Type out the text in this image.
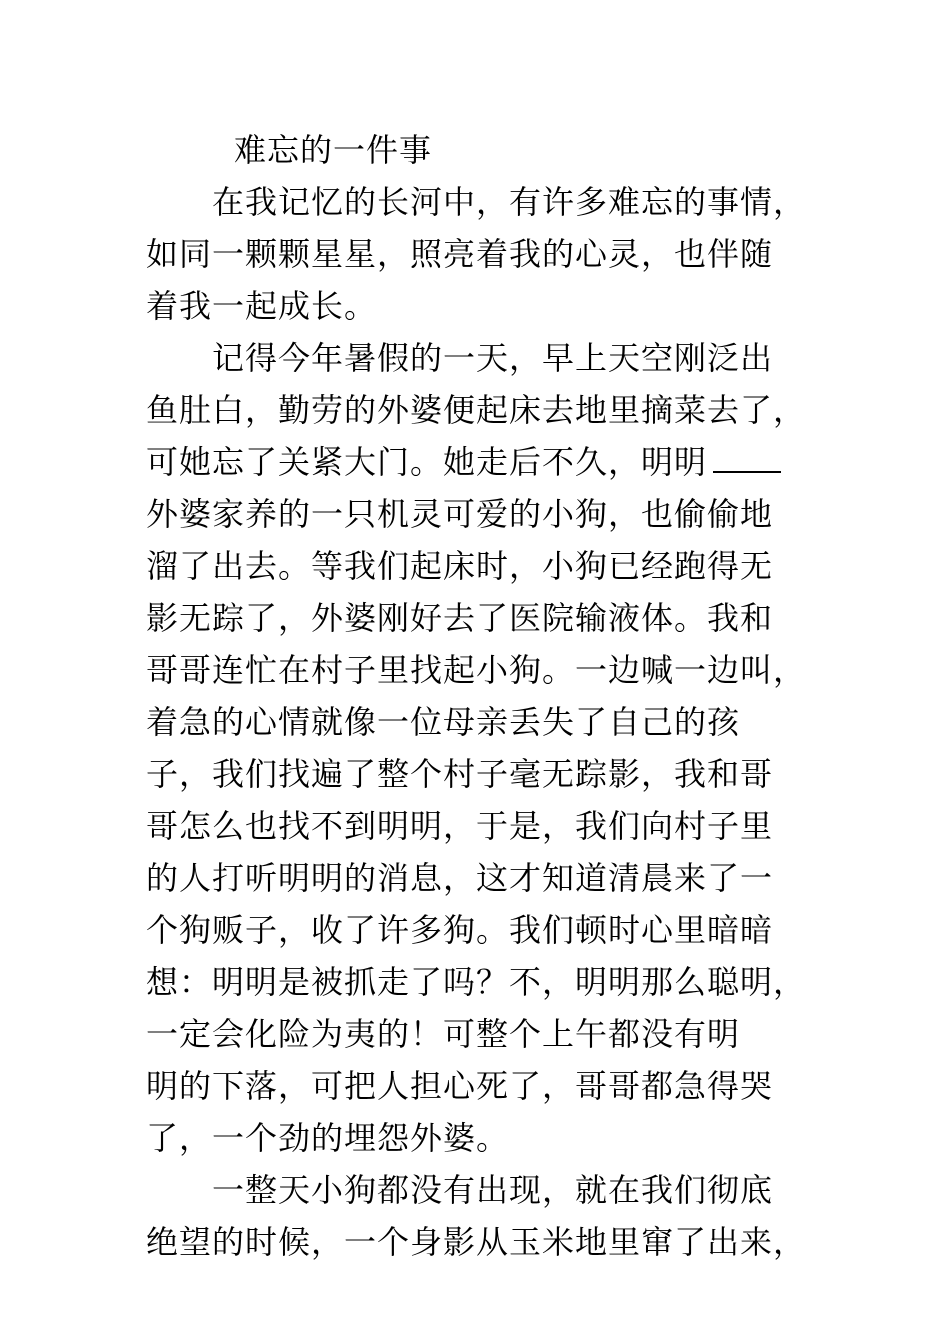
难忘的一件事

在我记忆的长河中，有许多难忘的事情，

如同一颗颗星星，照亮着我的心灵，也伴随

着我一起成长。

记得今年暑假的一天，早上天空刚泛出

鱼肚白，勤劳的外婆便起床去地里摘菜去了，

可她忘了关紧大门。她走后不久，明明

外婆家养的一只机灵可爱的小狗，也偷偷地

溜了出去。等我们起床时，小狗已经跑得无

影无踪了，外婆刚好去了医院输液体。我和

哥哥连忙在村子里找起小狗。一边喊一边叫，

着急的心情就像一位母亲丢失了自己的孩

子，我们找遍了整个村子毫无踪影，我和哥

哥怎么也找不到明明，于是，我们向村子里

的人打听明明的消息，这才知道清晨来了一

个狗贩子，收了许多狗。我们顿时心里暗暗

想：明明是被抓走了吗？不，明明那么聪明，

一定会化险为夷的！可整个上午都没有明

明的下落，可把人担心死了，哥哥都急得哭

了，一个劲的埋怨外婆。

一整天小狗都没有出现，就在我们彻底

绝望的时候，一个身影从玉米地里窜了出来，
